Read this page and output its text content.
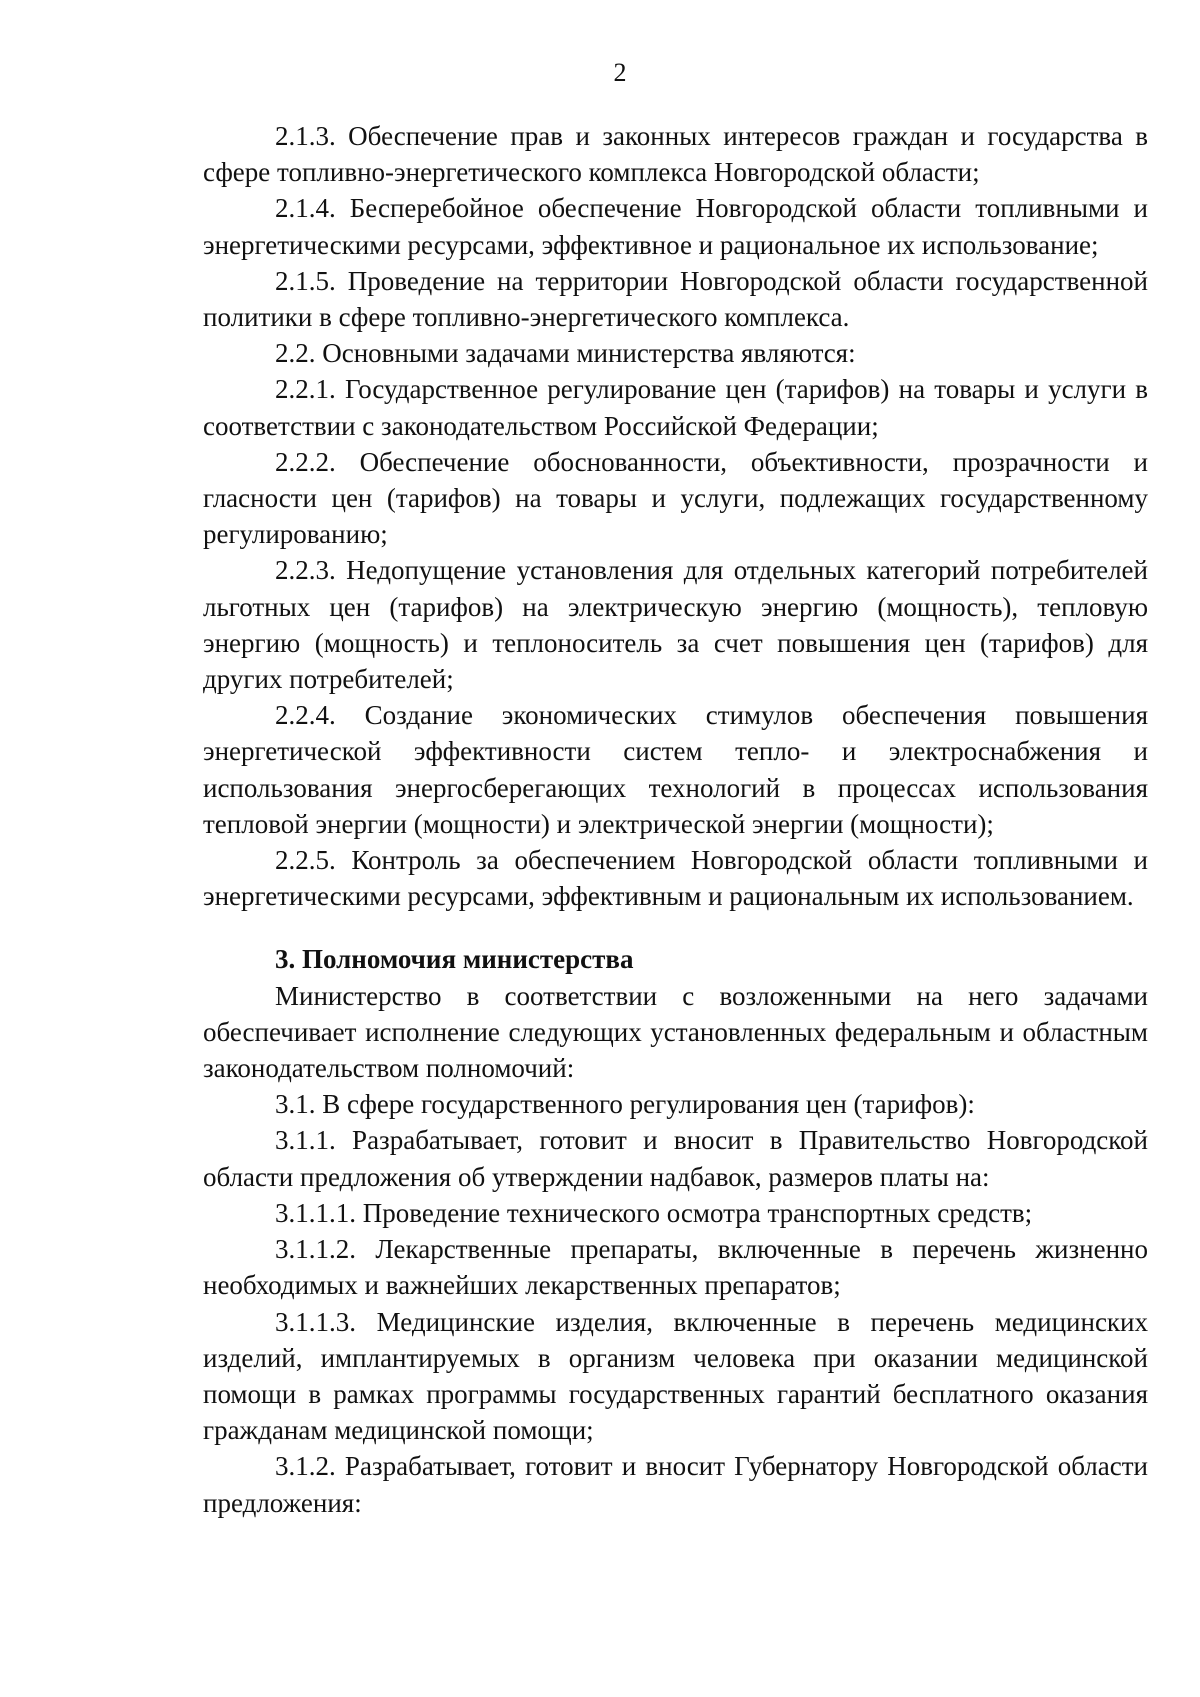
2

2.1.3. Обеспечение прав и законных интересов граждан и государства в сфере топливно-энергетического комплекса Новгородской области;

2.1.4. Бесперебойное обеспечение Новгородской области топливными и энергетическими ресурсами, эффективное и рациональное их использование;

2.1.5. Проведение на территории Новгородской области государственной политики в сфере топливно-энергетического комплекса.

2.2. Основными задачами министерства являются:

2.2.1. Государственное регулирование цен (тарифов) на товары и услуги в соответствии с законодательством Российской Федерации;

2.2.2. Обеспечение обоснованности, объективности, прозрачности и гласности цен (тарифов) на товары и услуги, подлежащих государственному регулированию;

2.2.3. Недопущение установления для отдельных категорий потребителей льготных цен (тарифов) на электрическую энергию (мощность), тепловую энергию (мощность) и теплоноситель за счет повышения цен (тарифов) для других потребителей;

2.2.4. Создание экономических стимулов обеспечения повышения энергетической эффективности систем тепло- и электроснабжения и использования энергосберегающих технологий в процессах использования тепловой энергии (мощности) и электрической энергии (мощности);

2.2.5. Контроль за обеспечением Новгородской области топливными и энергетическими ресурсами, эффективным и рациональным их использованием.

3. Полномочия министерства

Министерство в соответствии с возложенными на него задачами обеспечивает исполнение следующих установленных федеральным и областным законодательством полномочий:

3.1. В сфере государственного регулирования цен (тарифов):

3.1.1. Разрабатывает, готовит и вносит в Правительство Новгородской области предложения об утверждении надбавок, размеров платы на:

3.1.1.1. Проведение технического осмотра транспортных средств;

3.1.1.2. Лекарственные препараты, включенные в перечень жизненно необходимых и важнейших лекарственных препаратов;

3.1.1.3. Медицинские изделия, включенные в перечень медицинских изделий, имплантируемых в организм человека при оказании медицинской помощи в рамках программы государственных гарантий бесплатного оказания гражданам медицинской помощи;

3.1.2. Разрабатывает, готовит и вносит Губернатору Новгородской области предложения:
